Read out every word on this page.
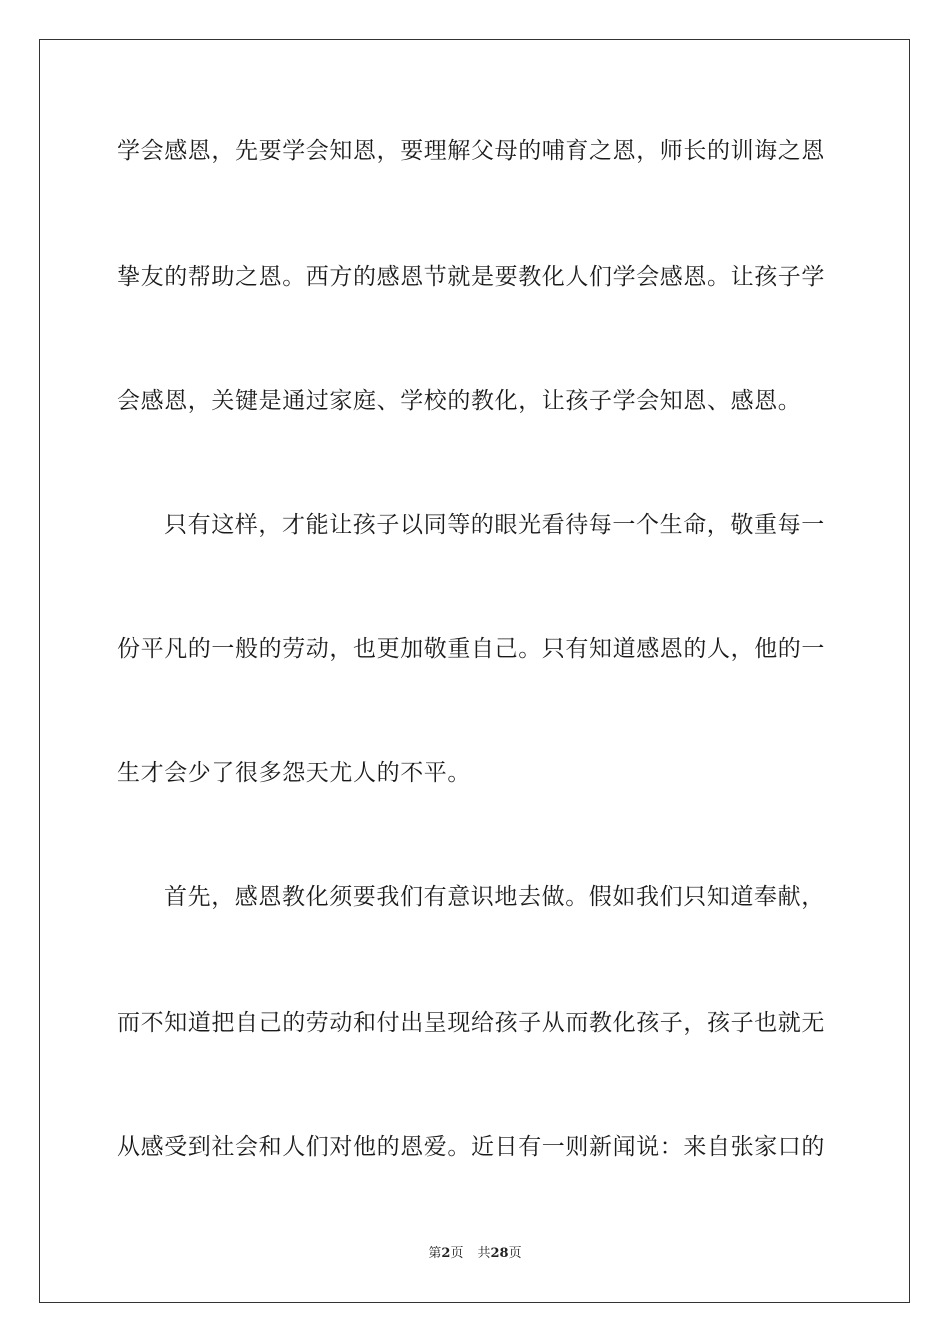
学会感恩，先要学会知恩，要理解父母的哺育之恩，师长的训诲之恩
挚友的帮助之恩。西方的感恩节就是要教化人们学会感恩。让孩子学
会感恩，关键是通过家庭、学校的教化，让孩子学会知恩、感恩。
只有这样，才能让孩子以同等的眼光看待每一个生命，敬重每一
份平凡的一般的劳动，也更加敬重自己。只有知道感恩的人，他的一
生才会少了很多怨天尤人的不平。
首先，感恩教化须要我们有意识地去做。假如我们只知道奉献，
而不知道把自己的劳动和付出呈现给孩子从而教化孩子，孩子也就无
从感受到社会和人们对他的恩爱。近日有一则新闻说：来自张家口的
第2页 共28页
